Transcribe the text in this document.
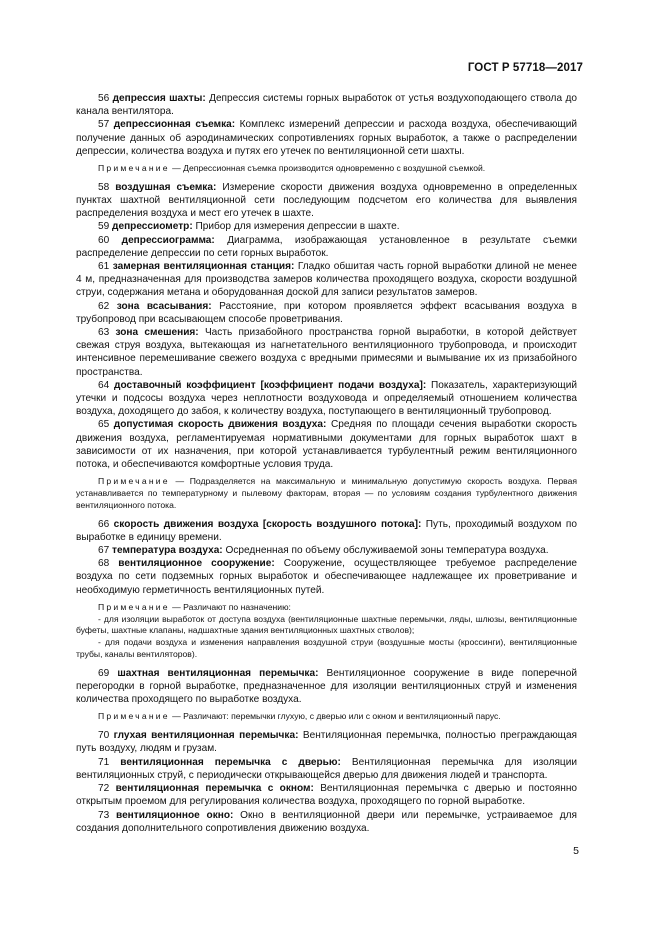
ГОСТ Р 57718—2017

56 депрессия шахты: Депрессия системы горных выработок от устья воздухоподающего ствола до канала вентилятора.

57 депрессионная съемка: Комплекс измерений депрессии и расхода воздуха, обеспечивающий получение данных об аэродинамических сопротивлениях горных выработок, а также о распределении депрессии, количества воздуха и путях его утечек по вентиляционной сети шахты.

Примечание — Депрессионная съемка производится одновременно с воздушной съемкой.

58 воздушная съемка: Измерение скорости движения воздуха одновременно в определенных пунктах шахтной вентиляционной сети последующим подсчетом его количества для выявления распределения воздуха и мест его утечек в шахте.

59 депрессиометр: Прибор для измерения депрессии в шахте.

60 депрессиограмма: Диаграмма, изображающая установленное в результате съемки распределение депрессии по сети горных выработок.

61 замерная вентиляционная станция: Гладко обшитая часть горной выработки длиной не менее 4 м, предназначенная для производства замеров количества проходящего воздуха, скорости воздушной струи, содержания метана и оборудованная доской для записи результатов замеров.

62 зона всасывания: Расстояние, при котором проявляется эффект всасывания воздуха в трубопровод при всасывающем способе проветривания.

63 зона смешения: Часть призабойного пространства горной выработки, в которой действует свежая струя воздуха, вытекающая из нагнетательного вентиляционного трубопровода, и происходит интенсивное перемешивание свежего воздуха с вредными примесями и вымывание их из призабойного пространства.

64 доставочный коэффициент [коэффициент подачи воздуха]: Показатель, характеризующий утечки и подсосы воздуха через неплотности воздуховода и определяемый отношением количества воздуха, доходящего до забоя, к количеству воздуха, поступающего в вентиляционный трубопровод.

65 допустимая скорость движения воздуха: Средняя по площади сечения выработки скорость движения воздуха, регламентируемая нормативными документами для горных выработок шахт в зависимости от их назначения, при которой устанавливается турбулентный режим вентиляционного потока, и обеспечиваются комфортные условия труда.

Примечание — Подразделяется на максимальную и минимальную допустимую скорость воздуха. Первая устанавливается по температурному и пылевому факторам, вторая — по условиям создания турбулентного движения вентиляционного потока.

66 скорость движения воздуха [скорость воздушного потока]: Путь, проходимый воздухом по выработке в единицу времени.

67 температура воздуха: Осредненная по объему обслуживаемой зоны температура воздуха.

68 вентиляционное сооружение: Сооружение, осуществляющее требуемое распределение воздуха по сети подземных горных выработок и обеспечивающее надлежащее их проветривание и необходимую герметичность вентиляционных путей.

Примечание — Различают по назначению:

- для изоляции выработок от доступа воздуха (вентиляционные шахтные перемычки, ляды, шлюзы, вентиляционные буфеты, шахтные клапаны, надшахтные здания вентиляционных шахтных стволов);

- для подачи воздуха и изменения направления воздушной струи (воздушные мосты (кроссинги), вентиляционные трубы, каналы вентиляторов).

69 шахтная вентиляционная перемычка: Вентиляционное сооружение в виде поперечной перегородки в горной выработке, предназначенное для изоляции вентиляционных струй и изменения количества проходящего по выработке воздуха.

Примечание — Различают: перемычки глухую, с дверью или с окном и вентиляционный парус.

70 глухая вентиляционная перемычка: Вентиляционная перемычка, полностью преграждающая путь воздуху, людям и грузам.

71 вентиляционная перемычка с дверью: Вентиляционная перемычка для изоляции вентиляционных струй, с периодически открывающейся дверью для движения людей и транспорта.

72 вентиляционная перемычка с окном: Вентиляционная перемычка с дверью и постоянно открытым проемом для регулирования количества воздуха, проходящего по горной выработке.

73 вентиляционное окно: Окно в вентиляционной двери или перемычке, устраиваемое для создания дополнительного сопротивления движению воздуха.

5
